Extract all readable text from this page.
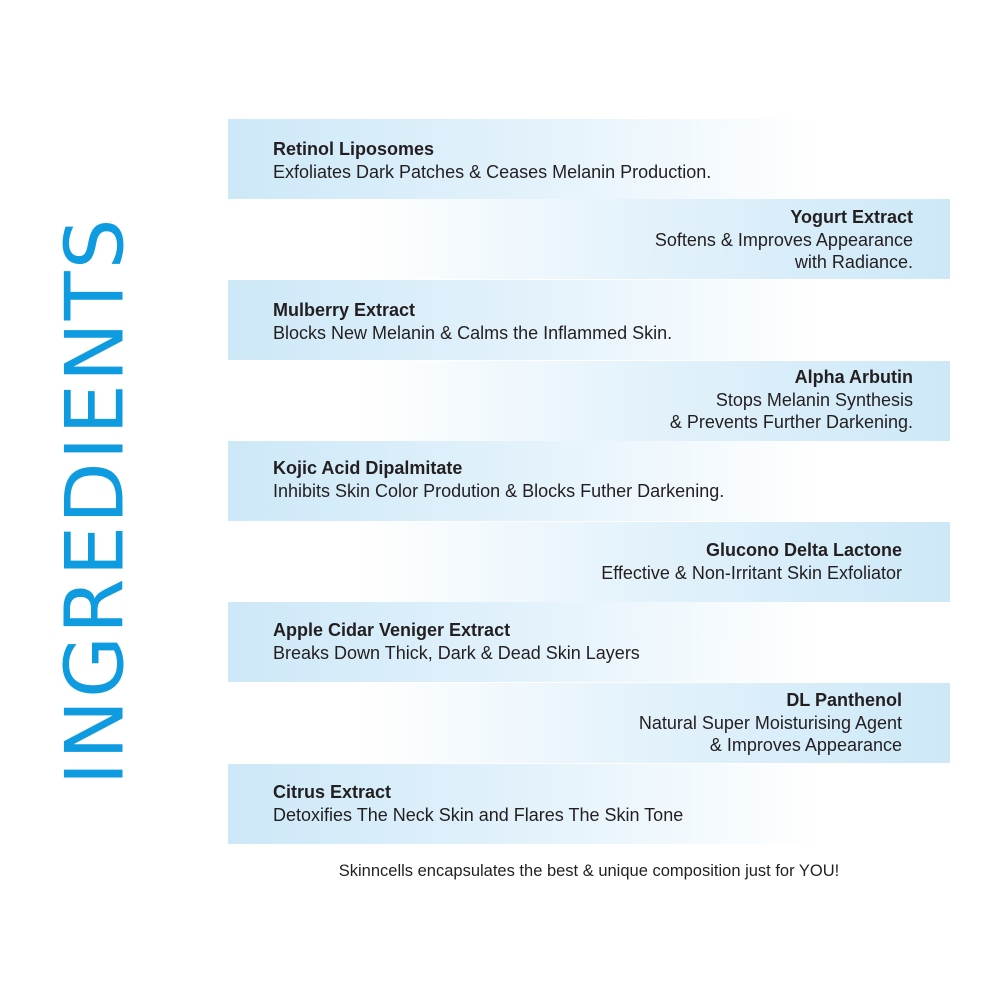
INGREDIENTS
Retinol Liposomes
Exfoliates Dark Patches & Ceases Melanin Production.
Yogurt Extract
Softens & Improves Appearance
with Radiance.
Mulberry Extract
Blocks New Melanin & Calms the Inflammed Skin.
Alpha Arbutin
Stops Melanin Synthesis
& Prevents Further Darkening.
Kojic Acid Dipalmitate
Inhibits Skin Color Prodution & Blocks Futher Darkening.
Glucono Delta Lactone
Effective & Non-Irritant Skin Exfoliator
Apple Cidar Veniger Extract
Breaks Down Thick, Dark & Dead Skin Layers
DL Panthenol
Natural Super Moisturising Agent
& Improves Appearance
Citrus Extract
Detoxifies The Neck Skin and Flares The Skin Tone
Skinncells encapsulates the best & unique composition just for YOU!
